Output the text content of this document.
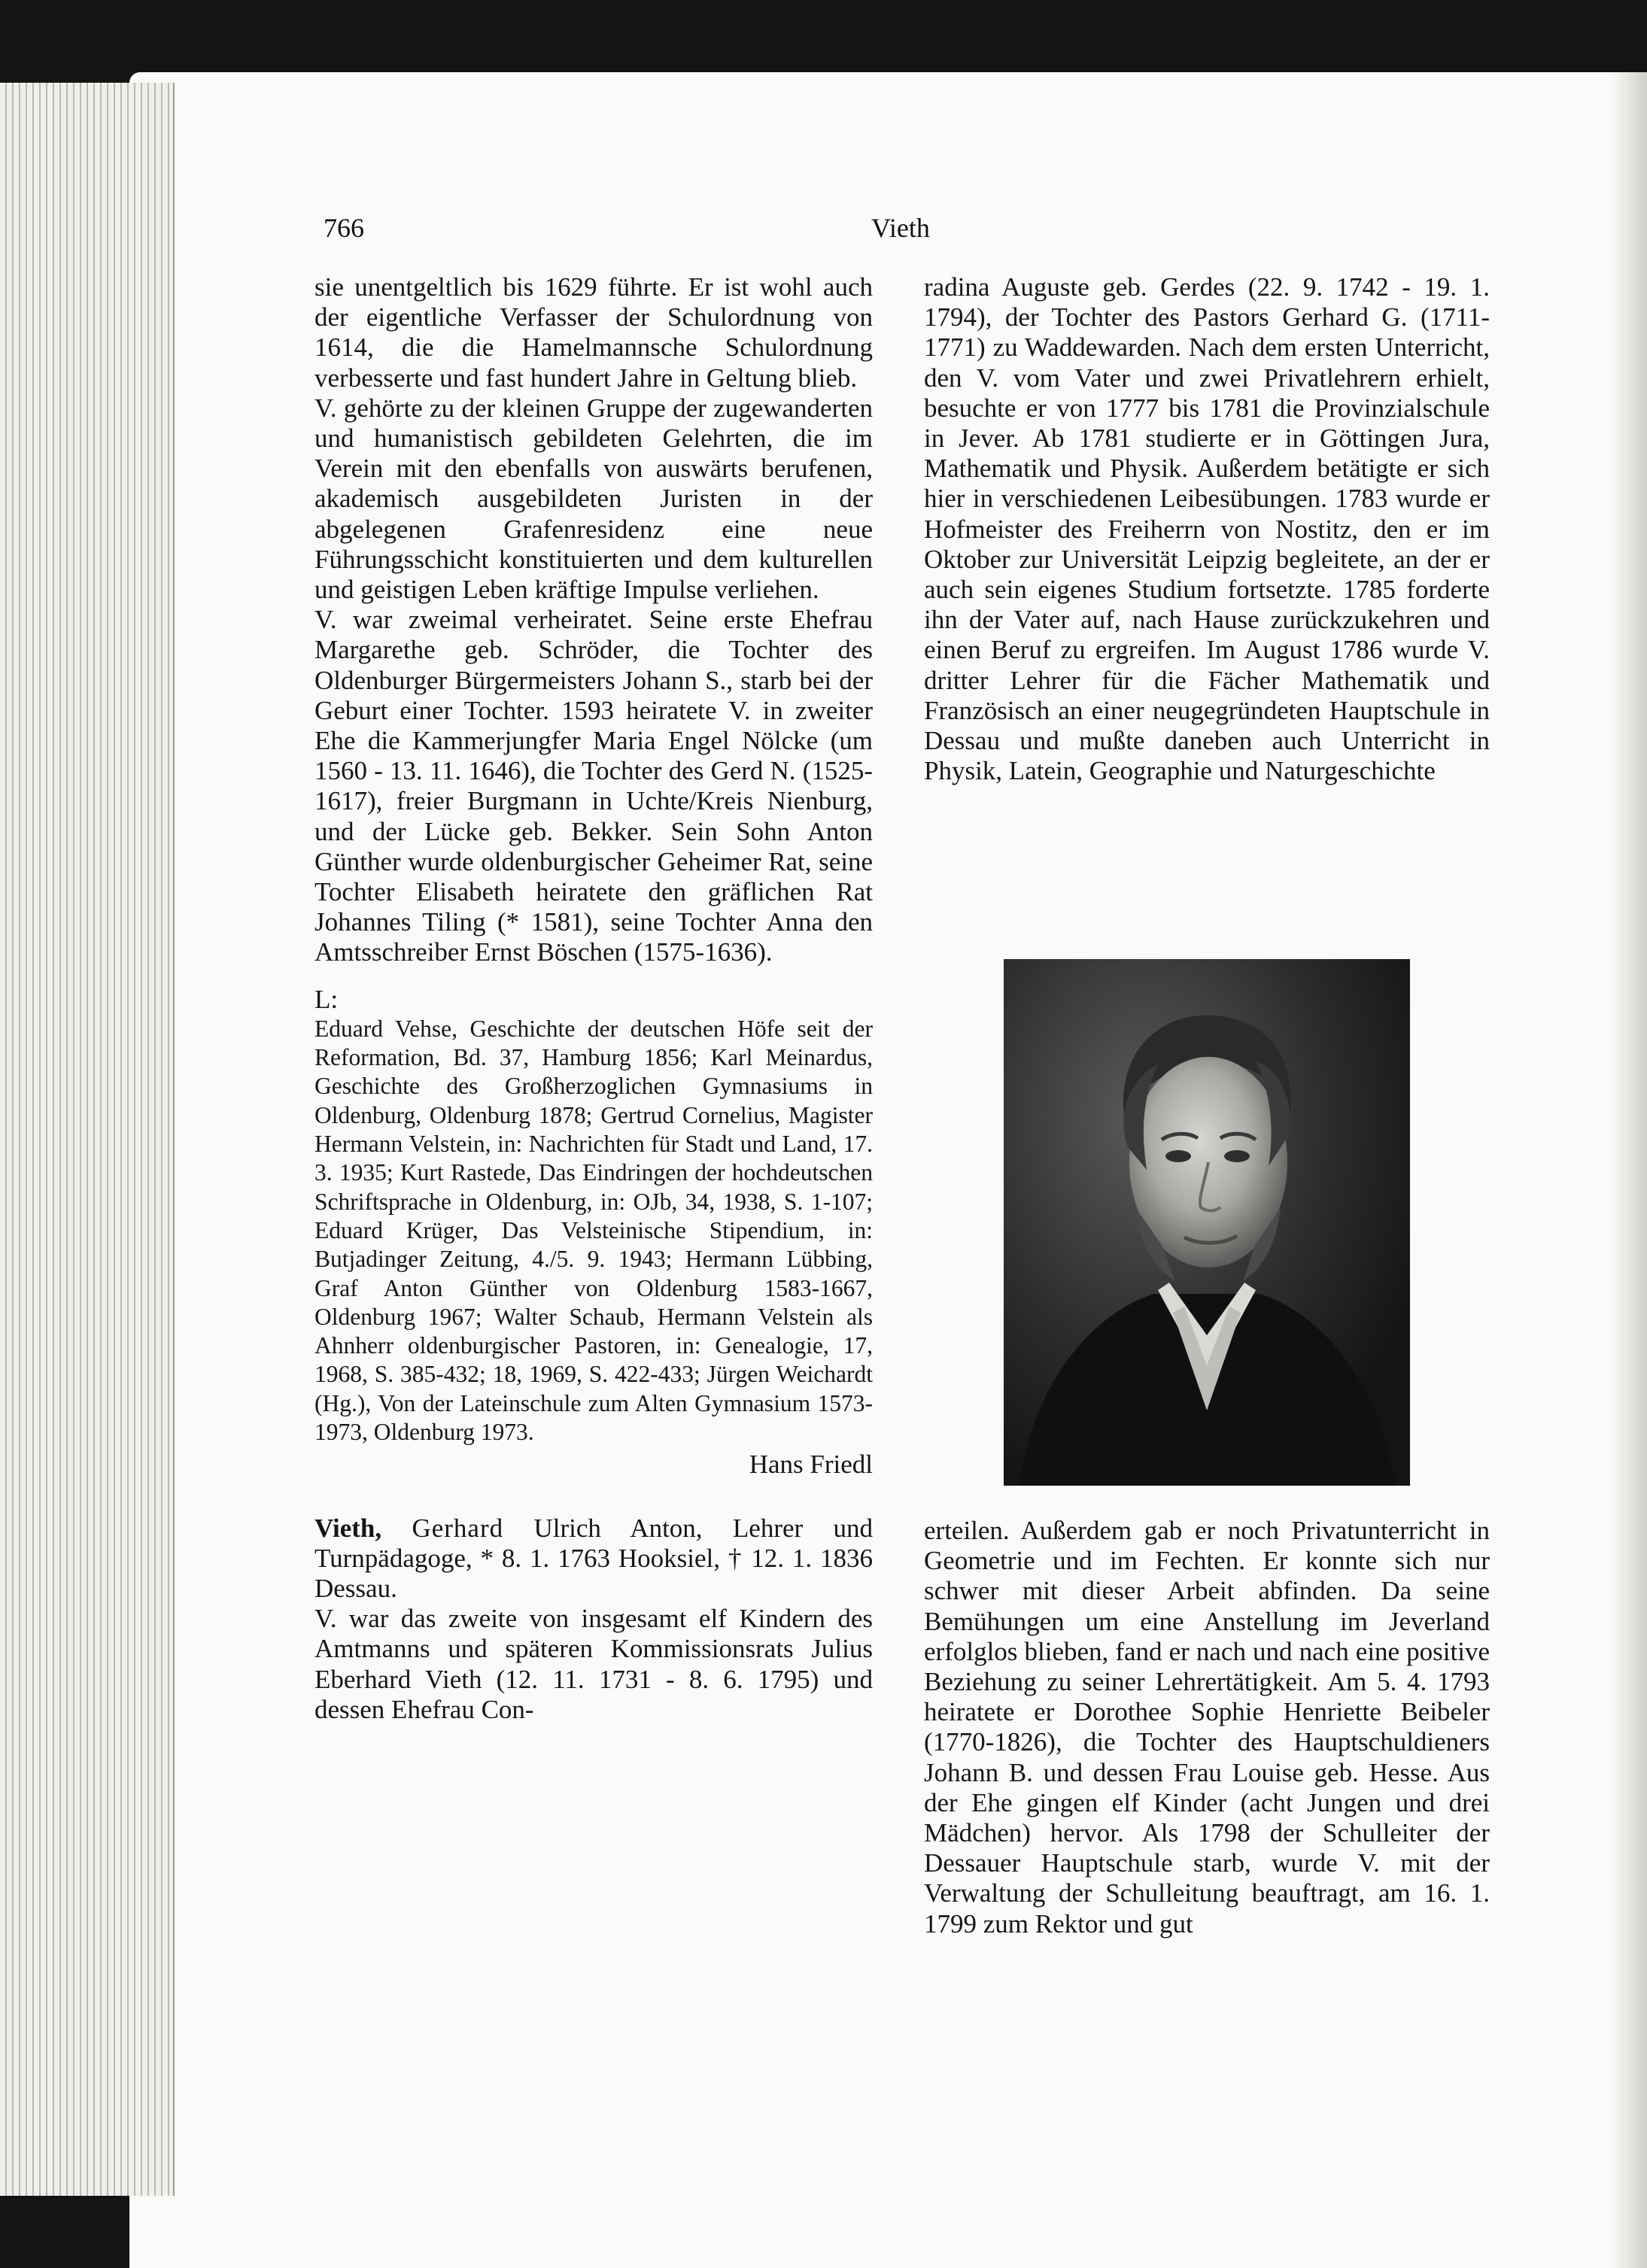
766	Vieth

sie unentgeltlich bis 1629 führte. Er ist wohl auch der eigentliche Verfasser der Schulordnung von 1614, die die Hamelmannsche Schulordnung verbesserte und fast hundert Jahre in Geltung blieb.

V. gehörte zu der kleinen Gruppe der zugewanderten und humanistisch gebildeten Gelehrten, die im Verein mit den ebenfalls von auswärts berufenen, akademisch ausgebildeten Juristen in der abgelegenen Grafenresidenz eine neue Führungsschicht konstituierten und dem kulturellen und geistigen Leben kräftige Impulse verliehen.

V. war zweimal verheiratet. Seine erste Ehefrau Margarethe geb. Schröder, die Tochter des Oldenburger Bürgermeisters Johann S., starb bei der Geburt einer Tochter. 1593 heiratete V. in zweiter Ehe die Kammerjungfer Maria Engel Nölcke (um 1560 - 13. 11. 1646), die Tochter des Gerd N. (1525-1617), freier Burgmann in Uchte/Kreis Nienburg, und der Lücke geb. Bekker. Sein Sohn Anton Günther wurde oldenburgischer Geheimer Rat, seine Tochter Elisabeth heiratete den gräflichen Rat Johannes Tiling (* 1581), seine Tochter Anna den Amtsschreiber Ernst Böschen (1575-1636).

L:

Eduard Vehse, Geschichte der deutschen Höfe seit der Reformation, Bd. 37, Hamburg 1856; Karl Meinardus, Geschichte des Großherzoglichen Gymnasiums in Oldenburg, Oldenburg 1878; Gertrud Cornelius, Magister Hermann Velstein, in: Nachrichten für Stadt und Land, 17. 3. 1935; Kurt Rastede, Das Eindringen der hochdeutschen Schriftsprache in Oldenburg, in: OJb, 34, 1938, S. 1-107; Eduard Krüger, Das Velsteinische Stipendium, in: Butjadinger Zeitung, 4./5. 9. 1943; Hermann Lübbing, Graf Anton Günther von Oldenburg 1583-1667, Oldenburg 1967; Walter Schaub, Hermann Velstein als Ahnherr oldenburgischer Pastoren, in: Genealogie, 17, 1968, S. 385-432; 18, 1969, S. 422-433; Jürgen Weichardt (Hg.), Von der Lateinschule zum Alten Gymnasium 1573-1973, Oldenburg 1973.

Hans Friedl

Vieth, Gerhard Ulrich Anton, Lehrer und Turnpädagoge, * 8. 1. 1763 Hooksiel, † 12. 1. 1836 Dessau.

V. war das zweite von insgesamt elf Kindern des Amtmanns und späteren Kommissionsrats Julius Eberhard Vieth (12. 11. 1731 - 8. 6. 1795) und dessen Ehefrau Con-

radina Auguste geb. Gerdes (22. 9. 1742 - 19. 1. 1794), der Tochter des Pastors Gerhard G. (1711-1771) zu Waddewarden. Nach dem ersten Unterricht, den V. vom Vater und zwei Privatlehrern erhielt, besuchte er von 1777 bis 1781 die Provinzialschule in Jever. Ab 1781 studierte er in Göttingen Jura, Mathematik und Physik. Außerdem betätigte er sich hier in verschiedenen Leibesübungen. 1783 wurde er Hofmeister des Freiherrn von Nostitz, den er im Oktober zur Universität Leipzig begleitete, an der er auch sein eigenes Studium fortsetzte. 1785 forderte ihn der Vater auf, nach Hause zurückzukehren und einen Beruf zu ergreifen. Im August 1786 wurde V. dritter Lehrer für die Fächer Mathematik und Französisch an einer neugegründeten Hauptschule in Dessau und mußte daneben auch Unterricht in Physik, Latein, Geographie und Naturgeschichte

erteilen. Außerdem gab er noch Privatunterricht in Geometrie und im Fechten. Er konnte sich nur schwer mit dieser Arbeit abfinden. Da seine Bemühungen um eine Anstellung im Jeverland erfolglos blieben, fand er nach und nach eine positive Beziehung zu seiner Lehrertätigkeit. Am 5. 4. 1793 heiratete er Dorothee Sophie Henriette Beibeler (1770-1826), die Tochter des Hauptschuldieners Johann B. und dessen Frau Louise geb. Hesse. Aus der Ehe gingen elf Kinder (acht Jungen und drei Mädchen) hervor. Als 1798 der Schulleiter der Dessauer Hauptschule starb, wurde V. mit der Verwaltung der Schulleitung beauftragt, am 16. 1. 1799 zum Rektor und gut
